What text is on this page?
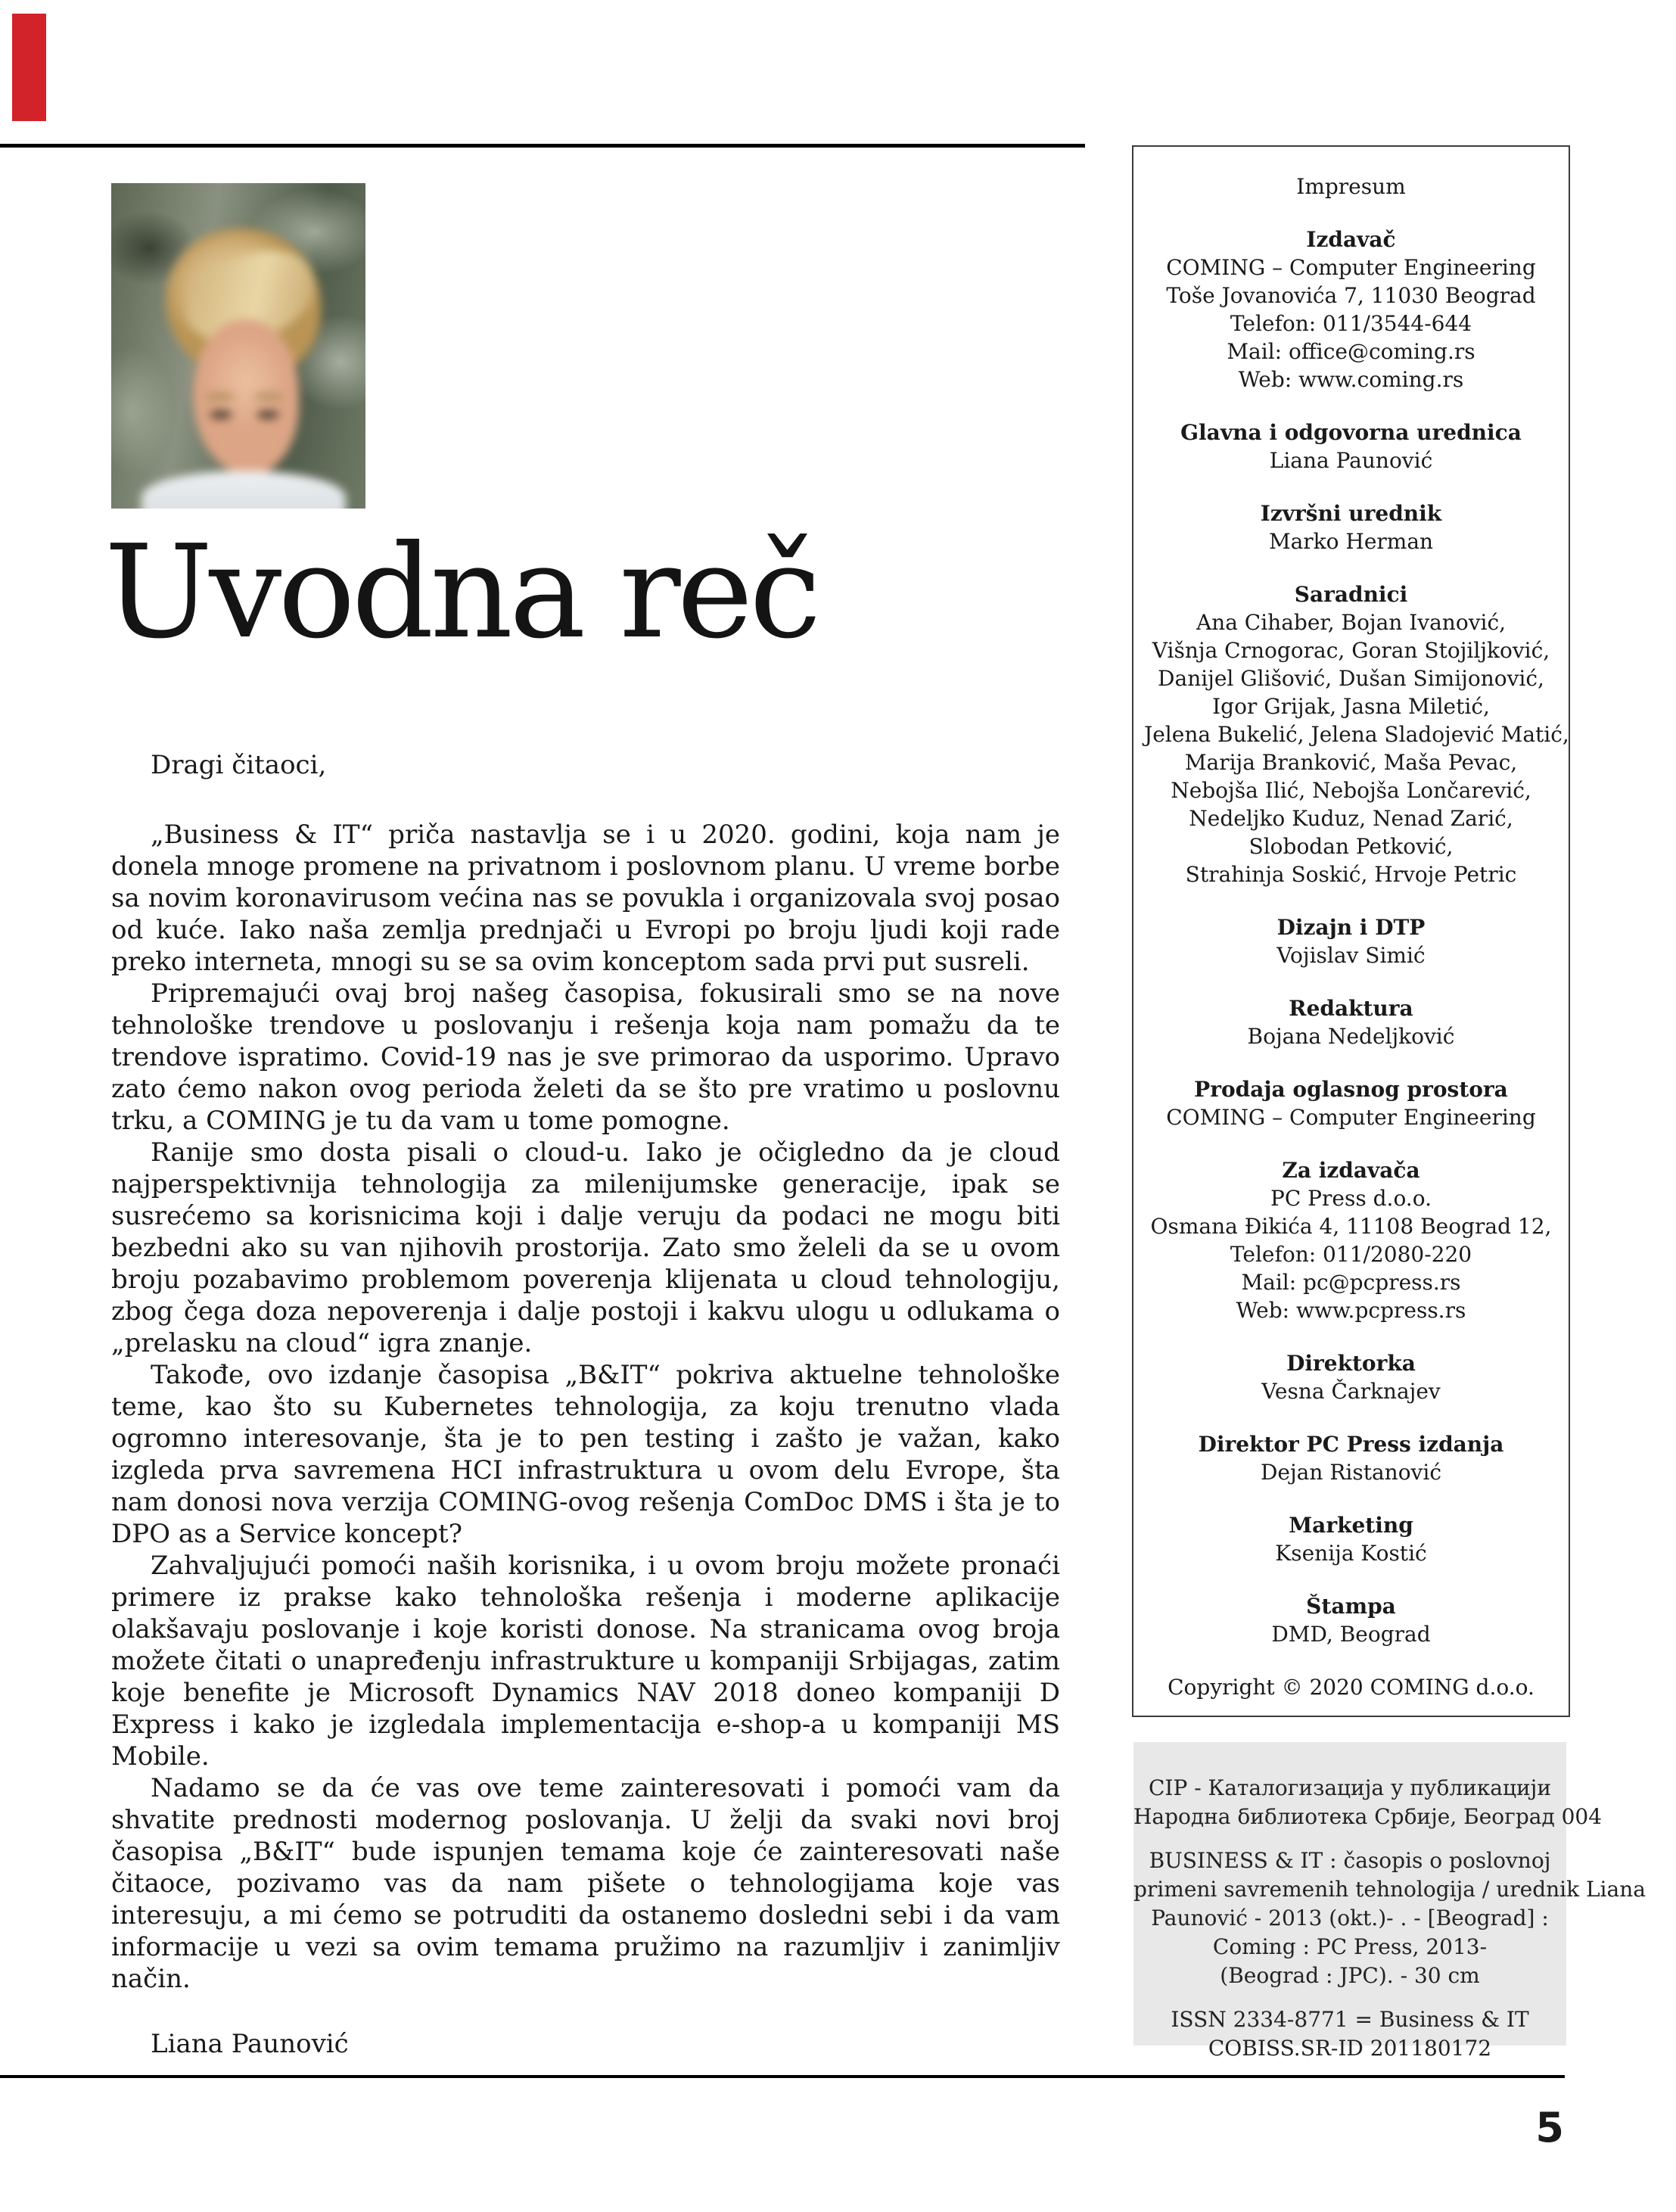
Uvodna reč
Dragi čitaoci,

„Business & IT“ priča nastavlja se i u 2020. godini, koja nam je donela mnoge promene na privatnom i poslovnom planu. U vreme borbe sa novim koronavirusom većina nas se povukla i organizovala svoj posao od kuće. Iako naša zemlja prednjači u Evropi po broju ljudi koji rade preko interneta, mnogi su se sa ovim konceptom sada prvi put susreli.

Pripremajući ovaj broj našeg časopisa, fokusirali smo se na nove tehnološke trendove u poslovanju i rešenja koja nam pomažu da te trendove ispratimo. Covid-19 nas je sve primorao da usporimo. Upravo zato ćemo nakon ovog perioda želeti da se što pre vratimo u poslovnu trku, a COMING je tu da vam u tome pomogne.

Ranije smo dosta pisali o cloud-u. Iako je očigledno da je cloud najperspektivnija tehnologija za milenijumske generacije, ipak se susrećemo sa korisnicima koji i dalje veruju da podaci ne mogu biti bezbedni ako su van njihovih prostorija. Zato smo želeli da se u ovom broju pozabavimo problemom poverenja klijenata u cloud tehnologiju, zbog čega doza nepoverenja i dalje postoji i kakvu ulogu u odlukama o „prelasku na cloud“ igra znanje.

Takođe, ovo izdanje časopisa „B&IT“ pokriva aktuelne tehnološke teme, kao što su Kubernetes tehnologija, za koju trenutno vlada ogromno interesovanje, šta je to pen testing i zašto je važan, kako izgleda prva savremena HCI infrastruktura u ovom delu Evrope, šta nam donosi nova verzija COMING-ovog rešenja ComDoc DMS i šta je to DPO as a Service koncept?

Zahvaljujući pomoći naših korisnika, i u ovom broju možete pronaći primere iz prakse kako tehnološka rešenja i moderne aplikacije olakšavaju poslovanje i koje koristi donose. Na stranicama ovog broja možete čitati o unapređenju infrastrukture u kompaniji Srbijagas, zatim koje benefite je Microsoft Dynamics NAV 2018 doneo kompaniji D Express i kako je izgledala implementacija e-shop-a u kompaniji MS Mobile.

Nadamo se da će vas ove teme zainteresovati i pomoći vam da shvatite prednosti modernog poslovanja. U želji da svaki novi broj časopisa „B&IT“ bude ispunjen temama koje će zainteresovati naše čitaoce, pozivamo vas da nam pišete o tehnologijama koje vas interesuju, a mi ćemo se potruditi da ostanemo dosledni sebi i da vam informacije u vezi sa ovim temama pružimo na razumljiv i zanimljiv način.

Liana Paunović
Impresum
Izdavač
COMING – Computer Engineering
Toše Jovanovića 7, 11030 Beograd
Telefon: 011/3544-644
Mail: office@coming.rs
Web: www.coming.rs
Glavna i odgovorna urednica
Liana Paunović
Izvršni urednik
Marko Herman
Saradnici
Ana Cihaber, Bojan Ivanović,
Višnja Crnogorac, Goran Stojiljković,
Danijel Glišović, Dušan Simijonović,
Igor Grijak, Jasna Miletić,
Jelena Bukelić, Jelena Sladojević Matić,
Marija Branković, Maša Pevac,
Nebojša Ilić, Nebojša Lončarević,
Nedeljko Kuduz, Nenad Zarić,
Slobodan Petković,
Strahinja Soskić, Hrvoje Petric
Dizajn i DTP
Vojislav Simić
Redaktura
Bojana Nedeljković
Prodaja oglasnog prostora
COMING – Computer Engineering
Za izdavača
PC Press d.o.o.
Osmana Đikića 4, 11108 Beograd 12,
Telefon: 011/2080-220
Mail: pc@pcpress.rs
Web: www.pcpress.rs
Direktorka
Vesna Čarknajev
Direktor PC Press izdanja
Dejan Ristanović
Marketing
Ksenija Kostić
Štampa
DMD, Beograd
Copyright © 2020 COMING d.o.o.
CIP - Каталогизација у публикацији
Народна библиотека Србије, Београд 004
BUSINESS & IT : časopis o poslovnoj
primeni savremenih tehnologija / urednik Liana
Paunović - 2013 (okt.)- . - [Beograd] :
Coming : PC Press, 2013-
(Beograd : JPC). - 30 cm
ISSN 2334-8771 = Business & IT
COBISS.SR-ID 201180172
5
